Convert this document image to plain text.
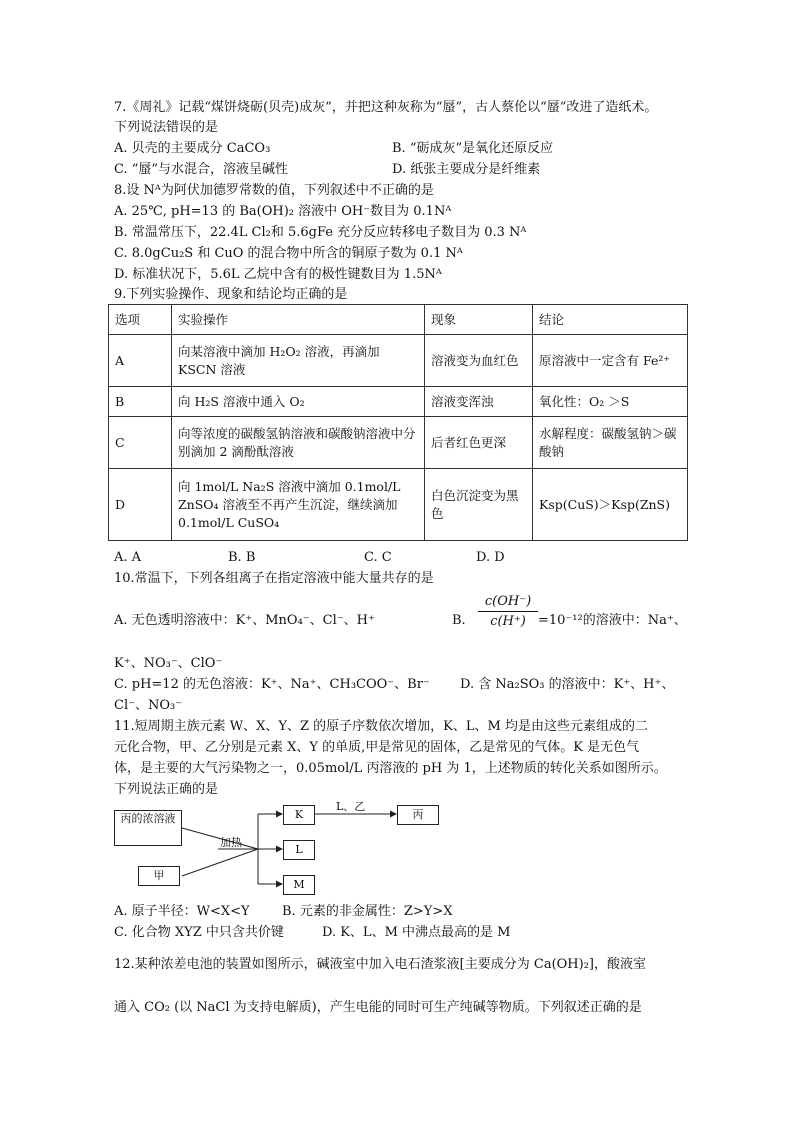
7.《周礼》记载“煤饼烧砺(贝壳)成灰”，并把这种灰称为“蜃”，古人蔡伦以“蜃”改进了造纸术。
下列说法错误的是
A. 贝壳的主要成分 CaCO₃	B. “砺成灰”是氧化还原反应
C. “蜃”与水混合，溶液呈碱性	D. 纸张主要成分是纤维素
8.设 Nᴬ为阿伏加德罗常数的值，下列叙述中不正确的是
A. 25℃, pH=13 的 Ba(OH)₂ 溶液中 OH⁻数目为 0.1Nᴬ
B. 常温常压下，22.4L Cl₂和 5.6gFe 充分反应转移电子数目为 0.3 Nᴬ
C. 8.0gCu₂S 和 CuO 的混合物中所含的铜原子数为 0.1 Nᴬ
D. 标准状况下，5.6L 乙烷中含有的极性键数目为 1.5Nᴬ
9.下列实验操作、现象和结论均正确的是
选项	实验操作	现象	结论
A	向某溶液中滴加 H₂O₂ 溶液，再滴加 KSCN 溶液	溶液变为血红色	原溶液中一定含有 Fe²⁺
B	向 H₂S 溶液中通入 O₂	溶液变浑浊	氧化性：O₂ ＞S
C	向等浓度的碳酸氢钠溶液和碳酸钠溶液中分别滴加 2 滴酚酞溶液	后者红色更深	水解程度：碳酸氢钠＞碳酸钠
D	向 1mol/L Na₂S 溶液中滴加 0.1mol/L ZnSO₄ 溶液至不再产生沉淀，继续滴加 0.1mol/L CuSO₄	白色沉淀变为黑色	Ksp(CuS)＞Ksp(ZnS)
A. A	B. B	C. C	D. D
10.常温下，下列各组离子在指定溶液中能大量共存的是
A. 无色透明溶液中：K⁺、MnO₄⁻、Cl⁻、H⁺	B.
c(OH⁻)
c(H⁺) =10⁻¹²的溶液中：Na⁺、
K⁺、NO₃⁻、ClO⁻
C. pH=12 的无色溶液：K⁺、Na⁺、CH₃COO⁻、Br⁻ D. 含 Na₂SO₃ 的溶液中：K⁺、H⁺、
Cl⁻、NO₃⁻
11.短周期主族元素 W、X、Y、Z 的原子序数依次增加，K、L、M 均是由这些元素组成的二
元化合物，甲、乙分别是元素 X、Y 的单质,甲是常见的固体，乙是常见的气体。K 是无色气
体，是主要的大气污染物之一，0.05mol/L 丙溶液的 pH 为 1，上述物质的转化关系如图所示。
下列说法正确的是
丙的浓溶液
甲
加热
K
L
M
L、乙
丙
A. 原子半径：W<X<Y B. 元素的非金属性：Z>Y>X
C. 化合物 XYZ 中只含共价键	D. K、L、M 中沸点最高的是 M
12.某种浓差电池的装置如图所示，碱液室中加入电石渣浆液[主要成分为 Ca(OH)₂]，酸液室
通入 CO₂ (以 NaCl 为支持电解质)，产生电能的同时可生产纯碱等物质。下列叙述正确的是
